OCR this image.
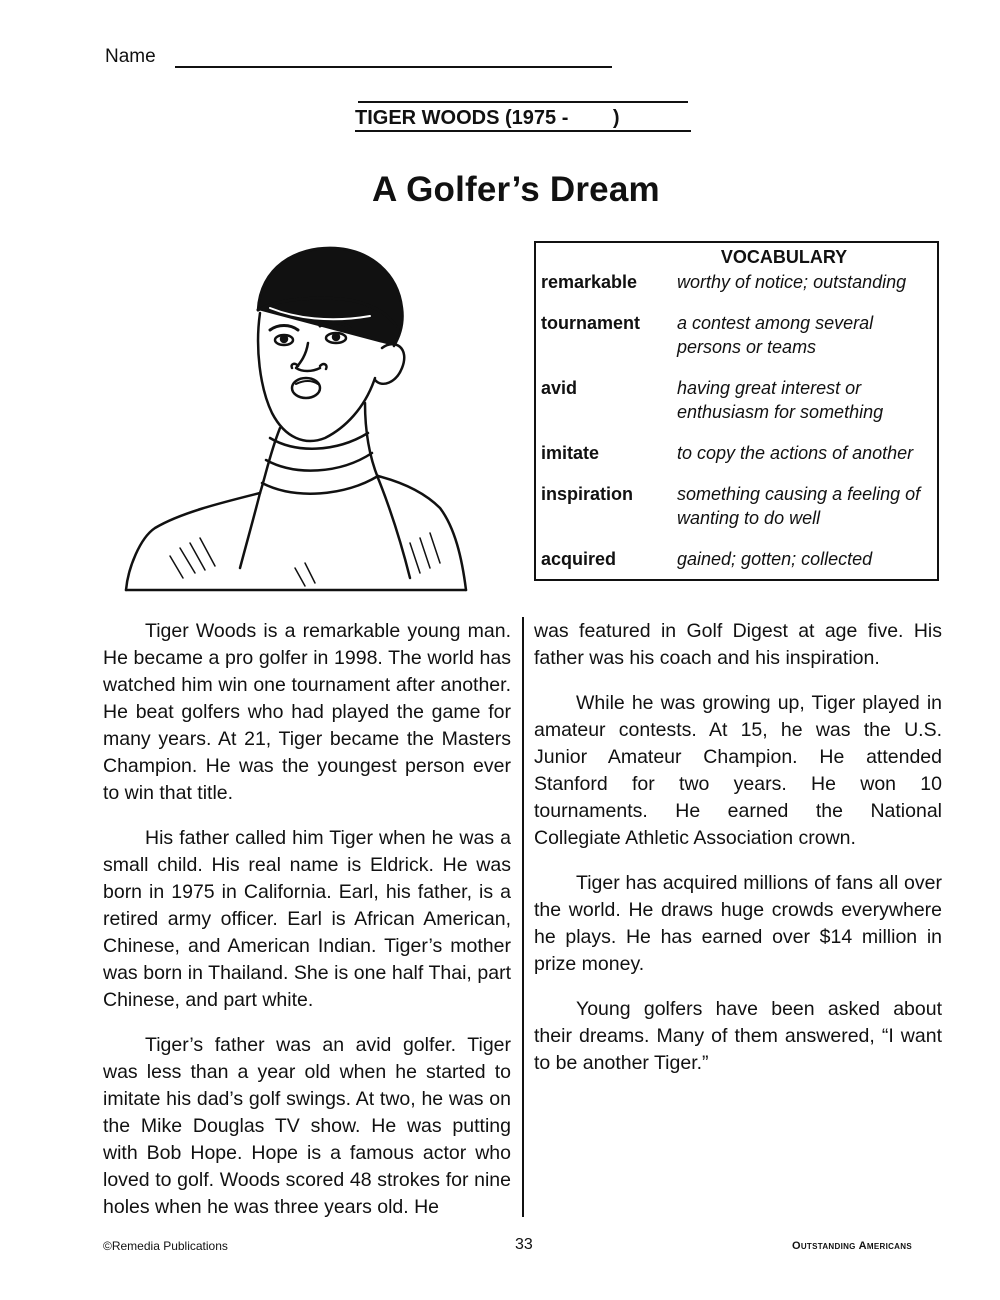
Name
TIGER WOODS (1975 -        )
A Golfer’s Dream
VOCABULARY
remarkable	worthy of notice; outstanding
tournament	a contest among several persons or teams
avid	having great interest or enthusiasm for something
imitate	to copy the actions of another
inspiration	something causing a feeling of wanting to do well
acquired	gained; gotten; collected

Tiger Woods is a remarkable young man. He became a pro golfer in 1998. The world has watched him win one tournament after another. He beat golfers who had played the game for many years. At 21, Tiger became the Masters Champion. He was the youngest person ever to win that title.

His father called him Tiger when he was a small child. His real name is Eldrick. He was born in 1975 in California. Earl, his father, is a retired army officer. Earl is African American, Chinese, and American Indian. Tiger’s mother was born in Thailand. She is one half Thai, part Chinese, and part white.

Tiger’s father was an avid golfer. Tiger was less than a year old when he started to imitate his dad’s golf swings. At two, he was on the Mike Douglas TV show. He was putting with Bob Hope. Hope is a famous actor who loved to golf. Woods scored 48 strokes for nine holes when he was three years old. He

was featured in Golf Digest at age five. His father was his coach and his inspiration.

While he was growing up, Tiger played in amateur contests. At 15, he was the U.S. Junior Amateur Champion. He attended Stanford for two years. He won 10 tournaments. He earned the National Collegiate Athletic Association crown.

Tiger has acquired millions of fans all over the world. He draws huge crowds everywhere he plays. He has earned over $14 million in prize money.

Young golfers have been asked about their dreams. Many of them answered, “I want to be another Tiger.”

©Remedia Publications	33	Outstanding Americans
